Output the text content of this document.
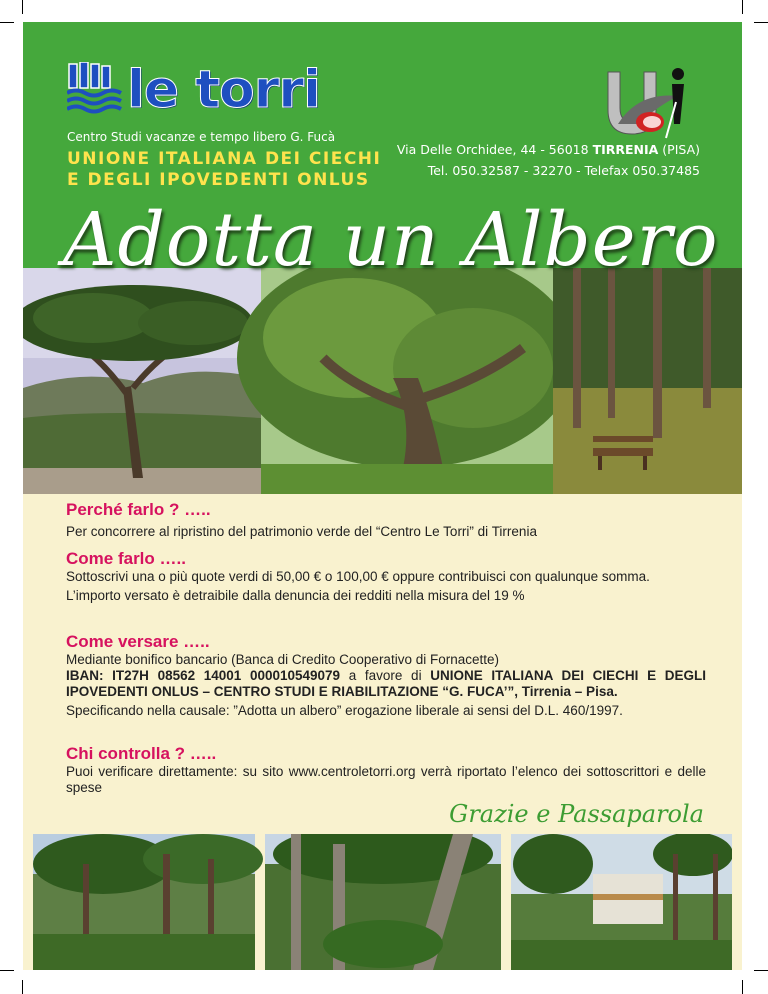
le torri
Centro Studi vacanze e tempo libero G. Fucà
UNIONE ITALIANA DEI CIECHI
E DEGLI IPOVEDENTI ONLUS
Via Delle Orchidee, 44 - 56018 TIRRENIA (PISA)
Tel. 050.32587 - 32270 - Telefax 050.37485
Adotta un Albero
Perché farlo ? …..

Per concorrere al ripristino del patrimonio verde del “Centro Le Torri” di Tirrenia

Come farlo …..

Sottoscrivi una o più quote verdi di 50,00 € o 100,00 € oppure contribuisci con qualunque somma.

L’importo versato è detraibile dalla denuncia dei redditi nella misura del 19 %

Come versare …..

Mediante bonifico bancario (Banca di Credito Cooperativo di Fornacette)

IBAN: IT27H 08562 14001 000010549079 a favore di UNIONE ITALIANA DEI CIECHI E DEGLI IPOVEDENTI ONLUS – CENTRO STUDI E RIABILITAZIONE “G. FUCA’”, Tirrenia – Pisa.

Specificando nella causale: ”Adotta un albero” erogazione liberale ai sensi del D.L. 460/1997.

Chi controlla ? …..

Puoi verificare direttamente: su sito www.centroletorri.org verrà riportato l’elenco dei sottoscrittori e delle spese

Grazie e Passaparola
